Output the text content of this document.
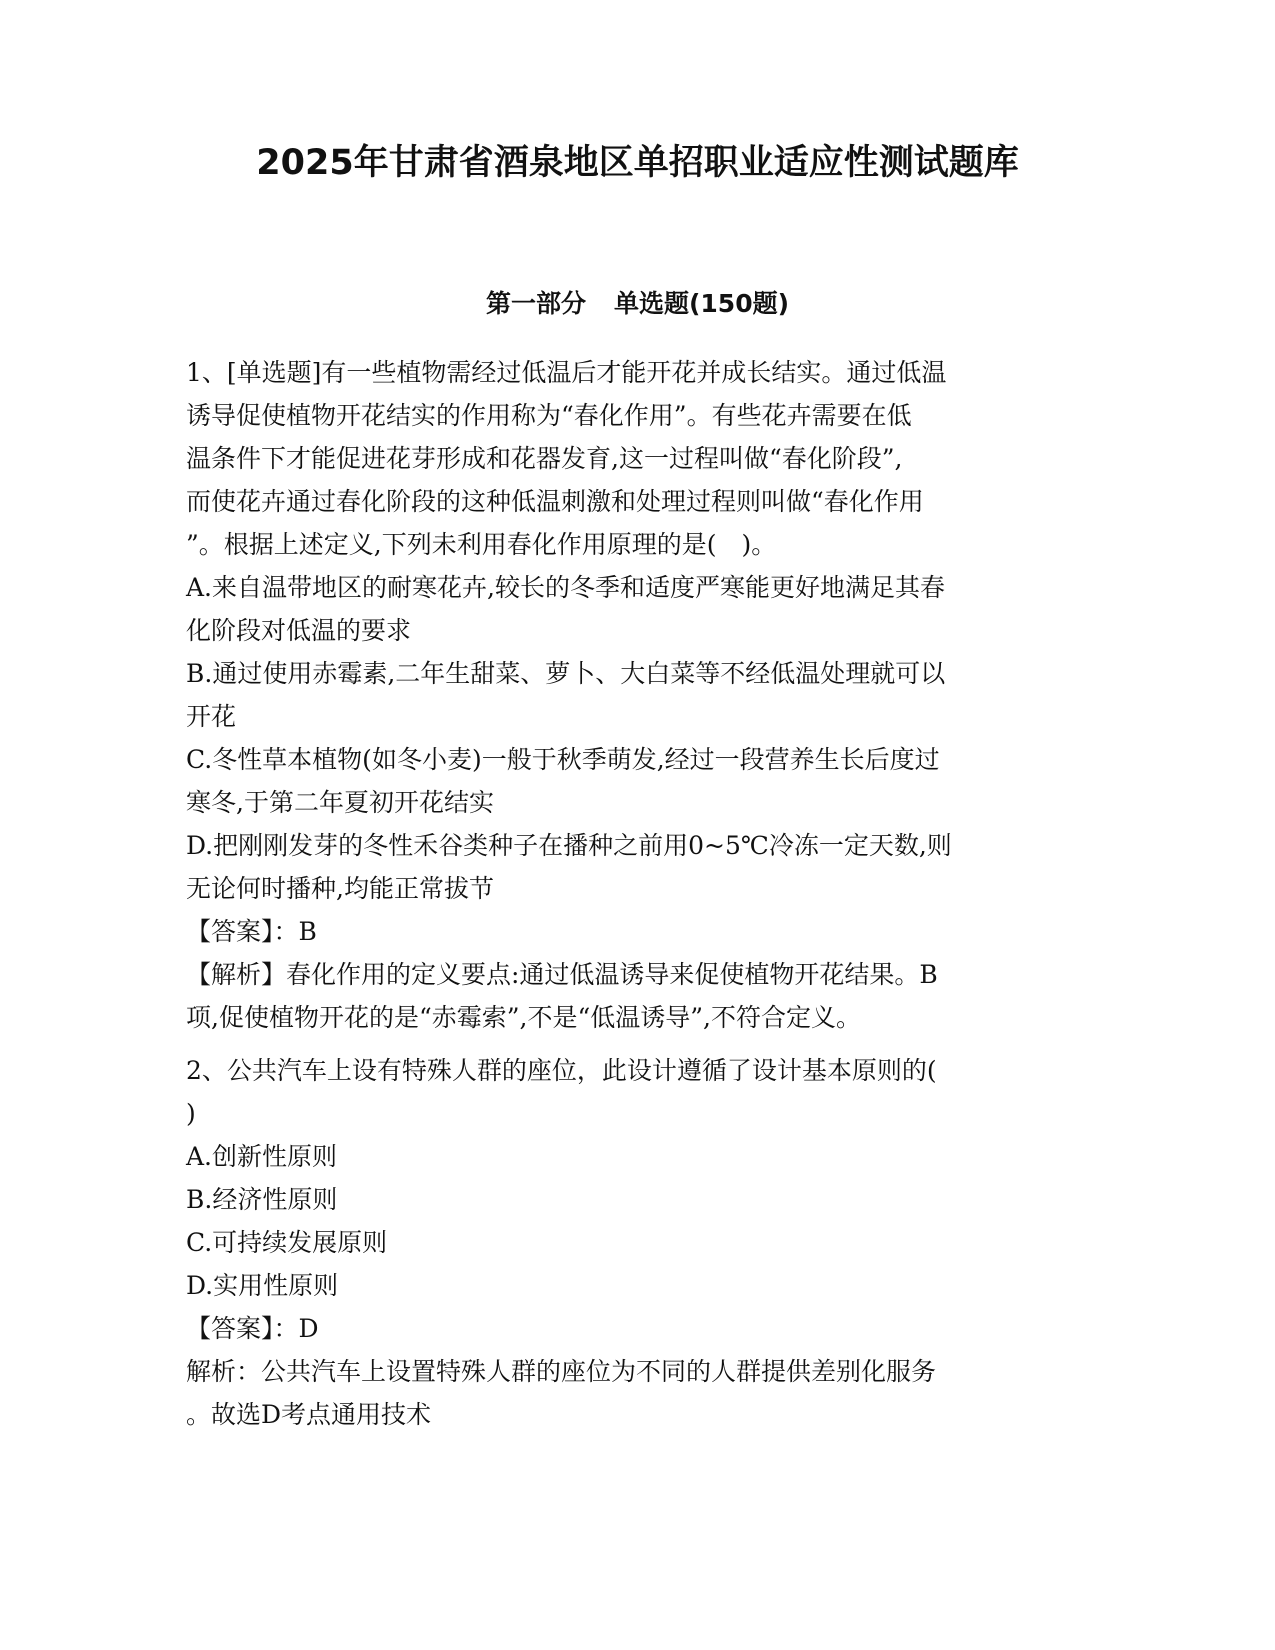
2025年甘肃省酒泉地区单招职业适应性测试题库
第一部分 单选题(150题)
1、[单选题]有一些植物需经过低温后才能开花并成长结实。通过低温
诱导促使植物开花结实的作用称为“春化作用”。有些花卉需要在低
温条件下才能促进花芽形成和花器发育,这一过程叫做“春化阶段”,
而使花卉通过春化阶段的这种低温刺激和处理过程则叫做“春化作用
”。根据上述定义,下列未利用春化作用原理的是(　)。
A.来自温带地区的耐寒花卉,较长的冬季和适度严寒能更好地满足其春
化阶段对低温的要求
B.通过使用赤霉素,二年生甜菜、萝卜、大白菜等不经低温处理就可以
开花
C.冬性草本植物(如冬小麦)一般于秋季萌发,经过一段营养生长后度过
寒冬,于第二年夏初开花结实
D.把刚刚发芽的冬性禾谷类种子在播种之前用0~5℃冷冻一定天数,则
无论何时播种,均能正常拔节
【答案】：B
【解析】春化作用的定义要点:通过低温诱导来促使植物开花结果。B
项,促使植物开花的是“赤霉索”,不是“低温诱导”,不符合定义。
2、公共汽车上设有特殊人群的座位，此设计遵循了设计基本原则的(
)
A.创新性原则
B.经济性原则
C.可持续发展原则
D.实用性原则
【答案】：D
解析：公共汽车上设置特殊人群的座位为不同的人群提供差别化服务
。故选D考点通用技术
